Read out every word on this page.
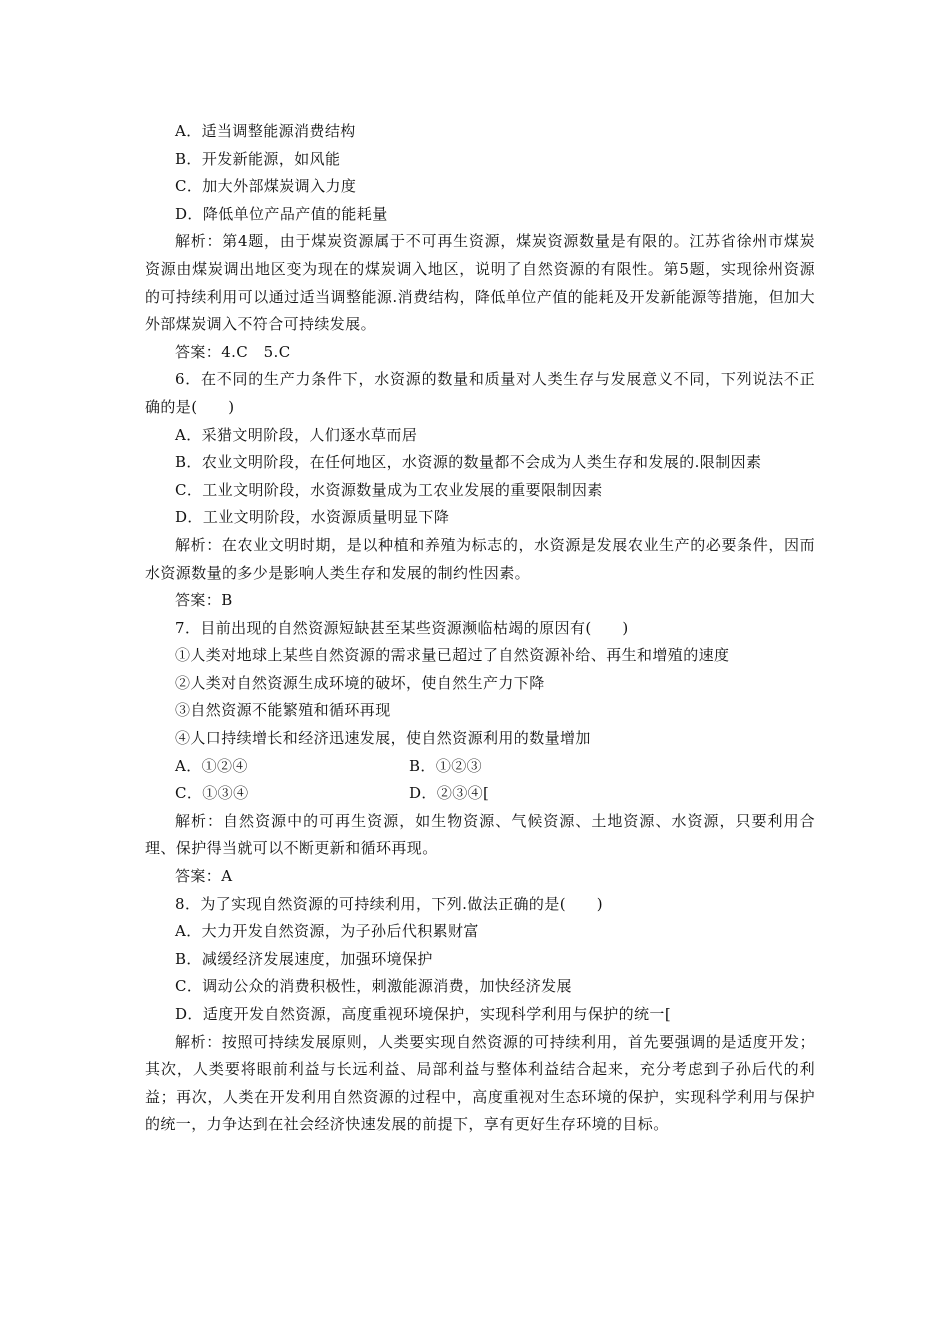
A．适当调整能源消费结构
B．开发新能源，如风能
C．加大外部煤炭调入力度
D．降低单位产品产值的能耗量
解析：第4题，由于煤炭资源属于不可再生资源，煤炭资源数量是有限的。江苏省徐州市煤炭资源由煤炭调出地区变为现在的煤炭调入地区，说明了自然资源的有限性。第5题，实现徐州资源的可持续利用可以通过适当调整能源.消费结构，降低单位产值的能耗及开发新能源等措施，但加大外部煤炭调入不符合可持续发展。
答案：4.C　5.C
6．在不同的生产力条件下，水资源的数量和质量对人类生存与发展意义不同，下列说法不正确的是(　　)
A．采猎文明阶段，人们逐水草而居
B．农业文明阶段，在任何地区，水资源的数量都不会成为人类生存和发展的.限制因素
C．工业文明阶段，水资源数量成为工农业发展的重要限制因素
D．工业文明阶段，水资源质量明显下降
解析：在农业文明时期，是以种植和养殖为标志的，水资源是发展农业生产的必要条件，因而水资源数量的多少是影响人类生存和发展的制约性因素。
答案：B
7．目前出现的自然资源短缺甚至某些资源濒临枯竭的原因有(　　)
①人类对地球上某些自然资源的需求量已超过了自然资源补给、再生和增殖的速度
②人类对自然资源生成环境的破坏，使自然生产力下降
③自然资源不能繁殖和循环再现
④人口持续增长和经济迅速发展，使自然资源利用的数量增加
A．①②④	B．①②③
C．①③④	D．②③④[
解析：自然资源中的可再生资源，如生物资源、气候资源、土地资源、水资源，只要利用合理、保护得当就可以不断更新和循环再现。
答案：A
8．为了实现自然资源的可持续利用，下列.做法正确的是(　　)
A．大力开发自然资源，为子孙后代积累财富
B．减缓经济发展速度，加强环境保护
C．调动公众的消费积极性，刺激能源消费，加快经济发展
D．适度开发自然资源，高度重视环境保护，实现科学利用与保护的统一[
解析：按照可持续发展原则，人类要实现自然资源的可持续利用，首先要强调的是适度开发；其次，人类要将眼前利益与长远利益、局部利益与整体利益结合起来，充分考虑到子孙后代的利益；再次，人类在开发利用自然资源的过程中，高度重视对生态环境的保护，实现科学利用与保护的统一，力争达到在社会经济快速发展的前提下，享有更好生存环境的目标。
